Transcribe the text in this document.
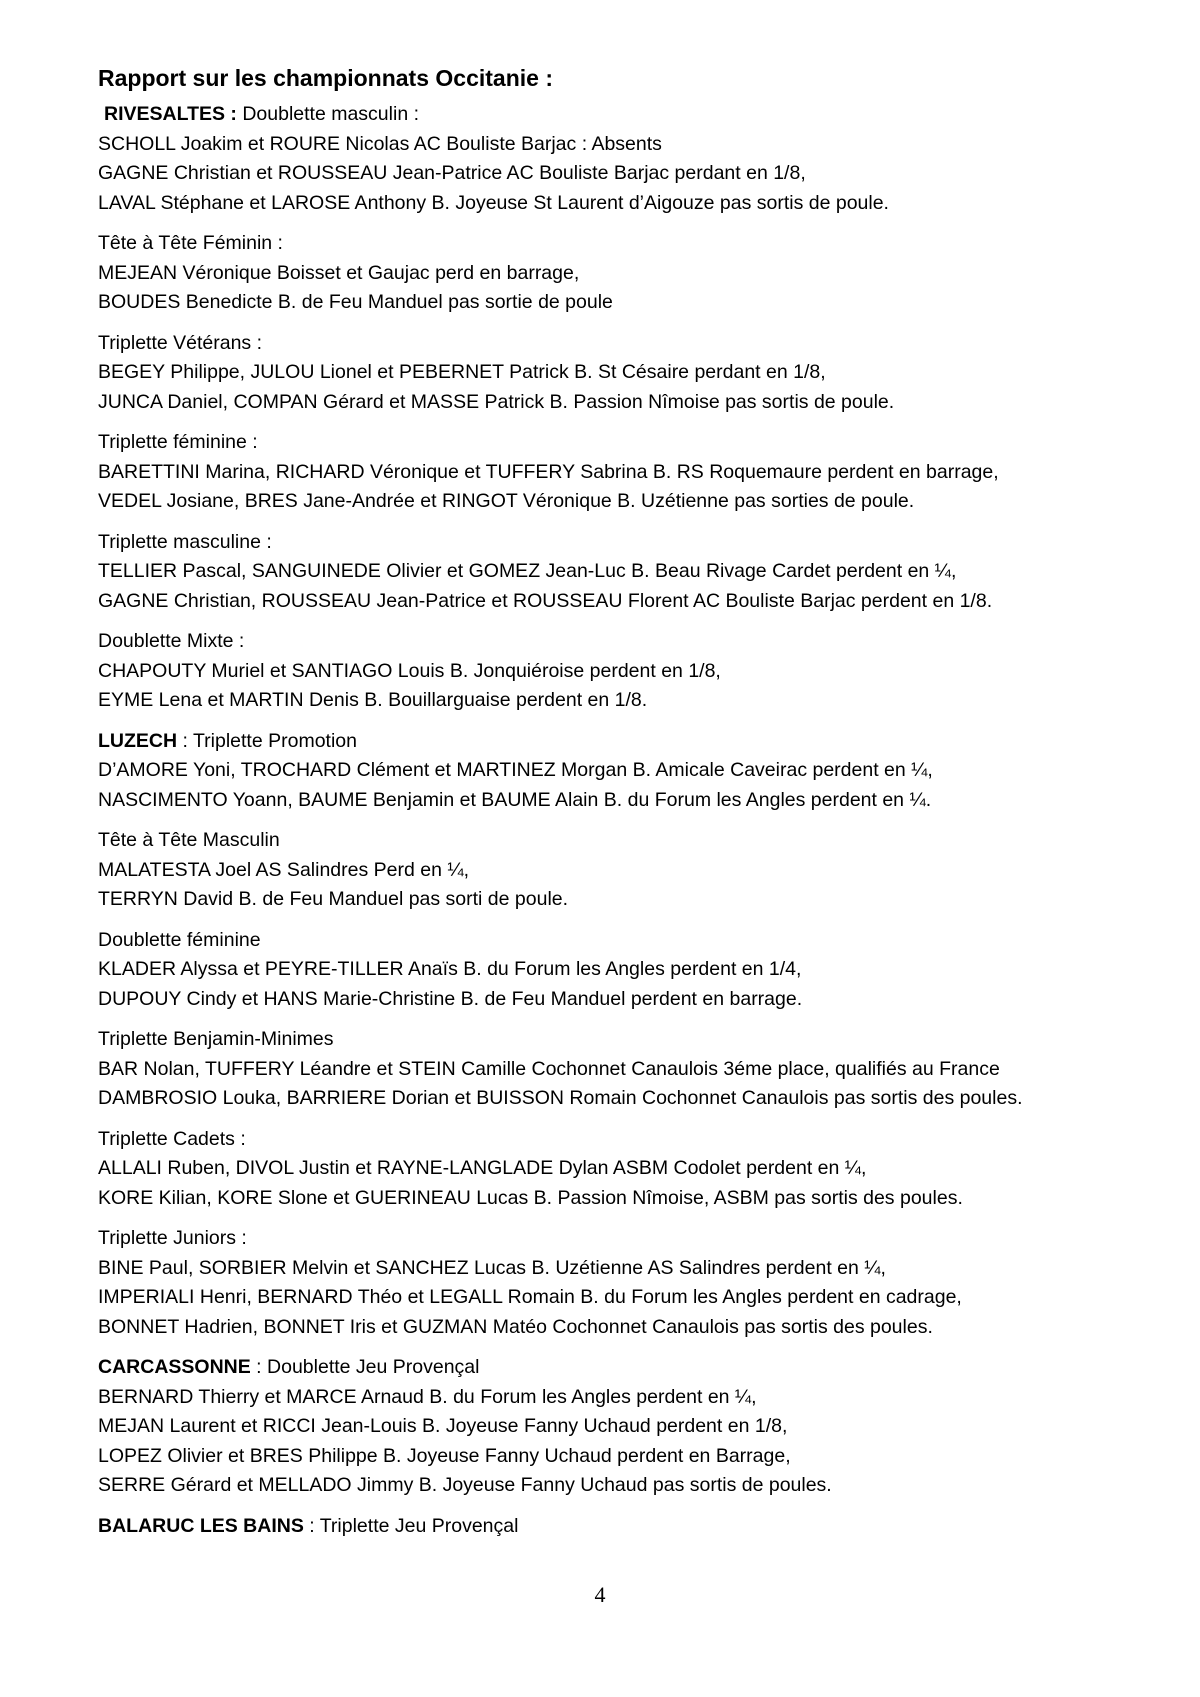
Rapport sur les championnats Occitanie :
RIVESALTES : Doublette masculin :
SCHOLL Joakim et ROURE Nicolas AC Bouliste Barjac : Absents
GAGNE Christian et ROUSSEAU Jean-Patrice AC Bouliste Barjac perdant en 1/8,
LAVAL Stéphane et LAROSE Anthony B. Joyeuse St Laurent d’Aigouze pas sortis de poule.
Tête à Tête Féminin :
MEJEAN Véronique Boisset et Gaujac perd en barrage,
BOUDES Benedicte B. de Feu Manduel pas sortie de poule
Triplette Vétérans :
BEGEY Philippe, JULOU Lionel et PEBERNET Patrick B. St Césaire perdant en 1/8,
JUNCA Daniel, COMPAN Gérard et MASSE Patrick B. Passion Nîmoise pas sortis de poule.
Triplette féminine :
BARETTINI Marina, RICHARD Véronique et TUFFERY Sabrina B. RS Roquemaure perdent en barrage,
VEDEL Josiane, BRES Jane-Andrée et RINGOT Véronique B. Uzétienne pas sorties de poule.
Triplette masculine :
TELLIER Pascal, SANGUINEDE Olivier et GOMEZ Jean-Luc B. Beau Rivage Cardet perdent en ¼,
GAGNE Christian, ROUSSEAU Jean-Patrice et ROUSSEAU Florent AC Bouliste Barjac perdent en 1/8.
Doublette Mixte :
CHAPOUTY Muriel et SANTIAGO Louis B. Jonquiéroise perdent en 1/8,
EYME Lena et MARTIN Denis B. Bouillarguaise perdent en 1/8.
LUZECH : Triplette Promotion
D’AMORE Yoni, TROCHARD Clément et MARTINEZ Morgan B. Amicale Caveirac perdent en ¼,
NASCIMENTO Yoann, BAUME Benjamin et BAUME Alain B. du Forum les Angles perdent en ¼.
Tête à Tête Masculin
MALATESTA Joel AS Salindres Perd en ¼,
TERRYN David B. de Feu Manduel pas sorti de poule.
Doublette féminine
KLADER Alyssa et PEYRE-TILLER Anaïs B. du Forum les Angles perdent en 1/4,
DUPOUY Cindy et HANS Marie-Christine B. de Feu Manduel perdent en barrage.
Triplette Benjamin-Minimes
BAR Nolan, TUFFERY Léandre et STEIN Camille Cochonnet Canaulois 3éme place, qualifiés au France
DAMBROSIO Louka, BARRIERE Dorian et BUISSON Romain Cochonnet Canaulois pas sortis des poules.
Triplette Cadets :
ALLALI Ruben, DIVOL Justin et RAYNE-LANGLADE Dylan ASBM Codolet perdent en ¼,
KORE Kilian, KORE Slone et GUERINEAU Lucas B. Passion Nîmoise, ASBM pas sortis des poules.
Triplette Juniors :
BINE Paul, SORBIER Melvin et SANCHEZ Lucas B. Uzétienne AS Salindres perdent en ¼,
IMPERIALI Henri, BERNARD Théo et LEGALL Romain B. du Forum les Angles perdent en cadrage,
BONNET Hadrien, BONNET Iris et GUZMAN Matéo Cochonnet Canaulois pas sortis des poules.
CARCASSONNE : Doublette Jeu Provençal
BERNARD Thierry et MARCE Arnaud B. du Forum les Angles perdent en ¼,
MEJAN Laurent et RICCI Jean-Louis B. Joyeuse Fanny Uchaud perdent en 1/8,
LOPEZ Olivier et BRES Philippe B. Joyeuse Fanny Uchaud perdent en Barrage,
SERRE Gérard et MELLADO Jimmy B. Joyeuse Fanny Uchaud pas sortis de poules.
BALARUC LES BAINS : Triplette Jeu Provençal
4
